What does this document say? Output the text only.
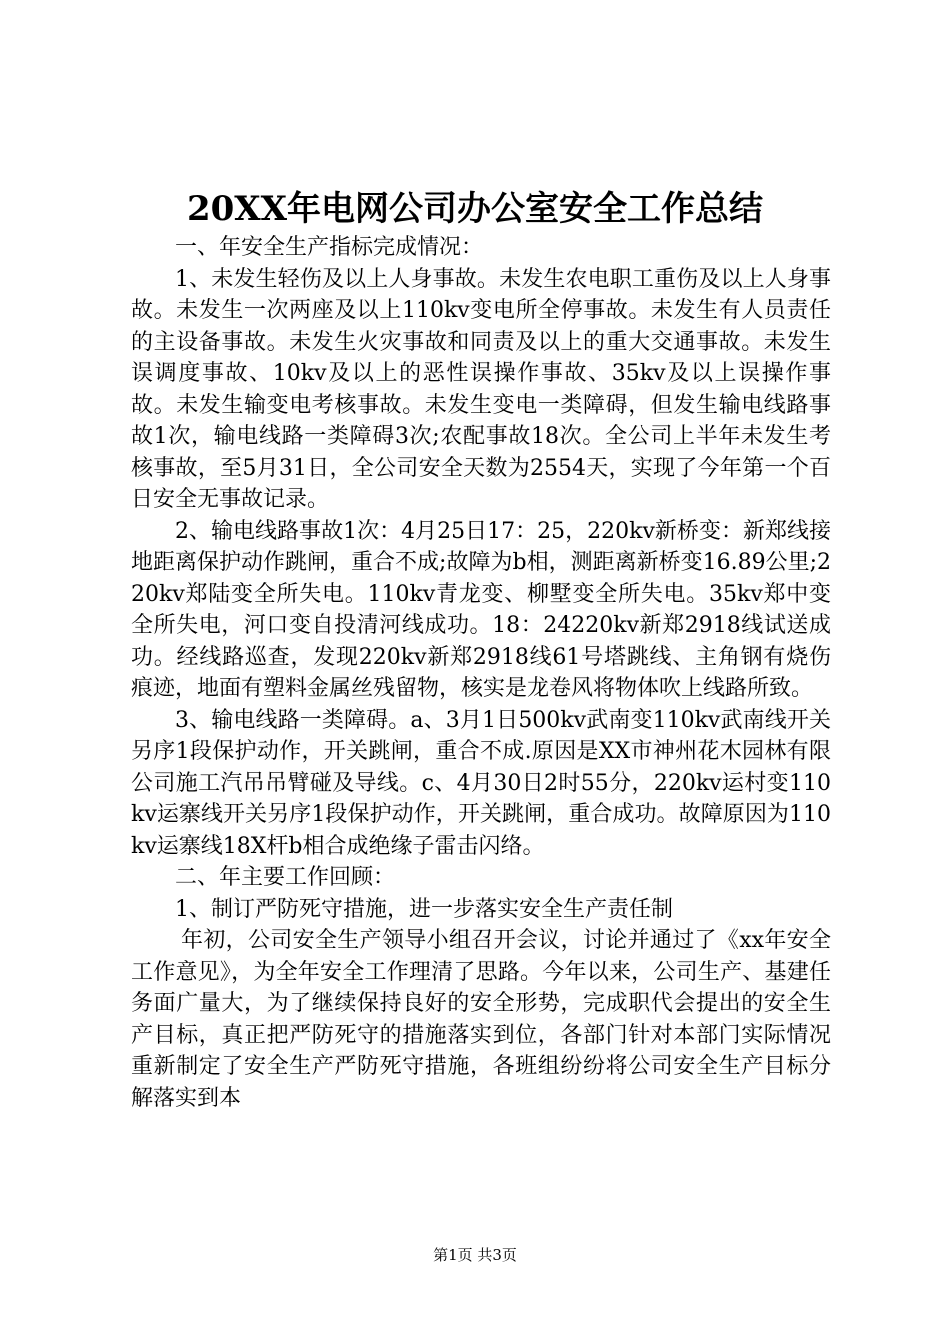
20XX年电网公司办公室安全工作总结

一、年安全生产指标完成情况：

1、未发生轻伤及以上人身事故。未发生农电职工重伤及以上人身事故。未发生一次两座及以上110kv变电所全停事故。未发生有人员责任的主设备事故。未发生火灾事故和同责及以上的重大交通事故。未发生误调度事故、10kv及以上的恶性误操作事故、35kv及以上误操作事故。未发生输变电考核事故。未发生变电一类障碍，但发生输电线路事故1次，输电线路一类障碍3次;农配事故18次。全公司上半年未发生考核事故，至5月31日，全公司安全天数为2554天，实现了今年第一个百日安全无事故记录。

2、输电线路事故1次：4月25日17：25，220kv新桥变：新郑线接地距离保护动作跳闸，重合不成;故障为b相，测距离新桥变16.89公里;220kv郑陆变全所失电。110kv青龙变、柳墅变全所失电。35kv郑中变全所失电，河口变自投清河线成功。18：24220kv新郑2918线试送成功。经线路巡查，发现220kv新郑2918线61号塔跳线、主角钢有烧伤痕迹，地面有塑料金属丝残留物，核实是龙卷风将物体吹上线路所致。

3、输电线路一类障碍。a、3月1日500kv武南变110kv武南线开关另序1段保护动作，开关跳闸，重合不成.原因是XX市神州花木园林有限公司施工汽吊吊臂碰及导线。c、4月30日2时55分，220kv运村变110kv运寨线开关另序1段保护动作，开关跳闸，重合成功。故障原因为110kv运寨线18X杆b相合成绝缘子雷击闪络。

二、年主要工作回顾：

1、制订严防死守措施，进一步落实安全生产责任制

年初，公司安全生产领导小组召开会议，讨论并通过了《xx年安全工作意见》，为全年安全工作理清了思路。今年以来，公司生产、基建任务面广量大，为了继续保持良好的安全形势，完成职代会提出的安全生产目标，真正把严防死守的措施落实到位，各部门针对本部门实际情况重新制定了安全生产严防死守措施，各班组纷纷将公司安全生产目标分解落实到本

第1页 共3页
